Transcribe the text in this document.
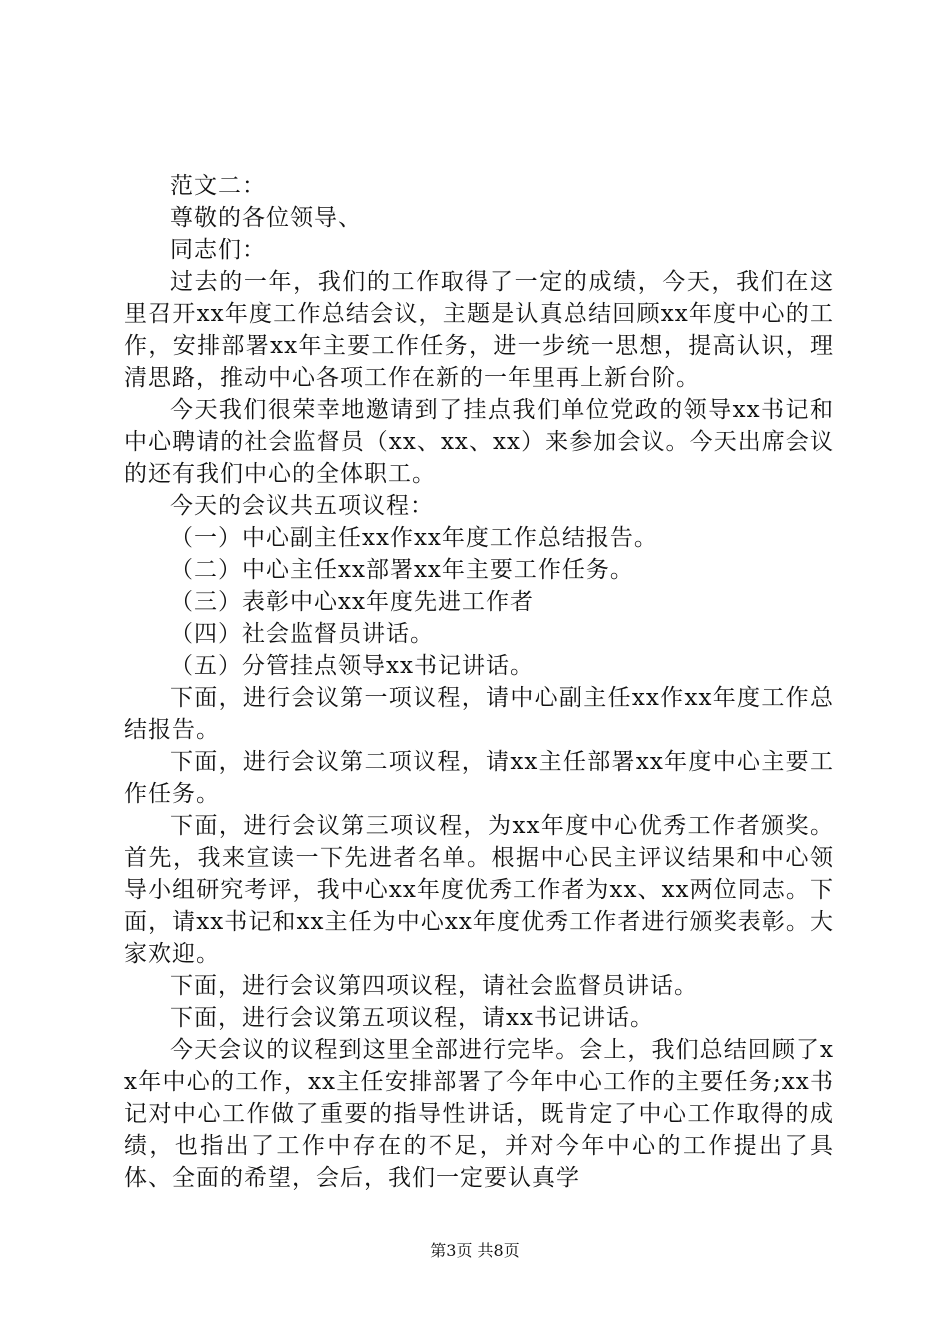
范文二：

尊敬的各位领导、

同志们：

过去的一年，我们的工作取得了一定的成绩，今天，我们在这里召开xx年度工作总结会议，主题是认真总结回顾xx年度中心的工作，安排部署xx年主要工作任务，进一步统一思想，提高认识，理清思路，推动中心各项工作在新的一年里再上新台阶。

今天我们很荣幸地邀请到了挂点我们单位党政的领导xx书记和中心聘请的社会监督员（xx、xx、xx）来参加会议。今天出席会议的还有我们中心的全体职工。

今天的会议共五项议程：

（一）中心副主任xx作xx年度工作总结报告。

（二）中心主任xx部署xx年主要工作任务。

（三）表彰中心xx年度先进工作者

（四）社会监督员讲话。

（五）分管挂点领导xx书记讲话。

下面，进行会议第一项议程，请中心副主任xx作xx年度工作总结报告。

下面，进行会议第二项议程，请xx主任部署xx年度中心主要工作任务。

下面，进行会议第三项议程，为xx年度中心优秀工作者颁奖。首先，我来宣读一下先进者名单。根据中心民主评议结果和中心领导小组研究考评，我中心xx年度优秀工作者为xx、xx两位同志。下面，请xx书记和xx主任为中心xx年度优秀工作者进行颁奖表彰。大家欢迎。

下面，进行会议第四项议程，请社会监督员讲话。

下面，进行会议第五项议程，请xx书记讲话。

今天会议的议程到这里全部进行完毕。会上，我们总结回顾了xx年中心的工作，xx主任安排部署了今年中心工作的主要任务;xx书记对中心工作做了重要的指导性讲话，既肯定了中心工作取得的成绩，也指出了工作中存在的不足，并对今年中心的工作提出了具体、全面的希望，会后，我们一定要认真学

第3页 共8页
